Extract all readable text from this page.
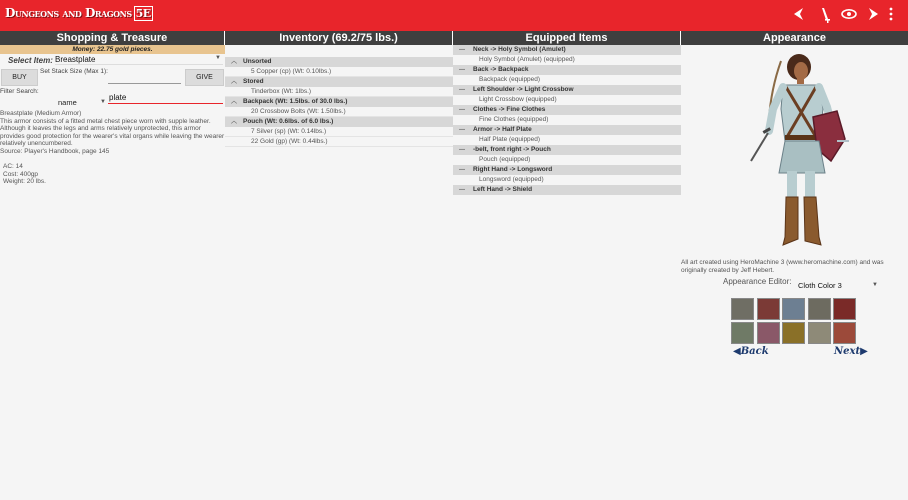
Dungeons and Dragons 5E
Shopping & Treasure
Money: 22.75 gold pieces.
Select Item: Breastplate	▼
Set Stack Size (Max 1):
BUY	GIVE
Filter Search:
name	▼ plate
Breastplate (Medium Armor)
This armor consists of a fitted metal chest piece worn with supple leather.
Although it leaves the legs and arms relatively unprotected, this armor
provides good protection for the wearer's vital organs while leaving the wearer
relatively unencumbered.
Source: Player's Handbook, page 145
AC: 14
Cost: 400gp
Weight: 20 lbs.
Inventory (69.2/75 lbs.)
︿ Unsorted
5 Copper (cp) (Wt: 0.10lbs.)
︿ Stored
Tinderbox (Wt: 1lbs.)
︿ Backpack (Wt: 1.5lbs. of 30.0 lbs.)
20 Crossbow Bolts (Wt: 1.50lbs.)
︿ Pouch (Wt: 0.6lbs. of 6.0 lbs.)
7 Silver (sp) (Wt: 0.14lbs.)
22 Gold (gp) (Wt: 0.44lbs.)
Equipped Items
— Neck -> Holy Symbol (Amulet)
Holy Symbol (Amulet) (equipped)
— Back -> Backpack
Backpack (equipped)
— Left Shoulder -> Light Crossbow
Light Crossbow (equipped)
— Clothes -> Fine Clothes
Fine Clothes (equipped)
— Armor -> Half Plate
Half Plate (equipped)
— -belt, front right -> Pouch
Pouch (equipped)
— Right Hand -> Longsword
Longsword (equipped)
— Left Hand -> Shield
Appearance
All art created using HeroMachine 3 (www.heromachine.com) and was
originally created by Jeff Hebert.
Appearance Editor: Cloth Color 3	▼
◀Back	Next▶
